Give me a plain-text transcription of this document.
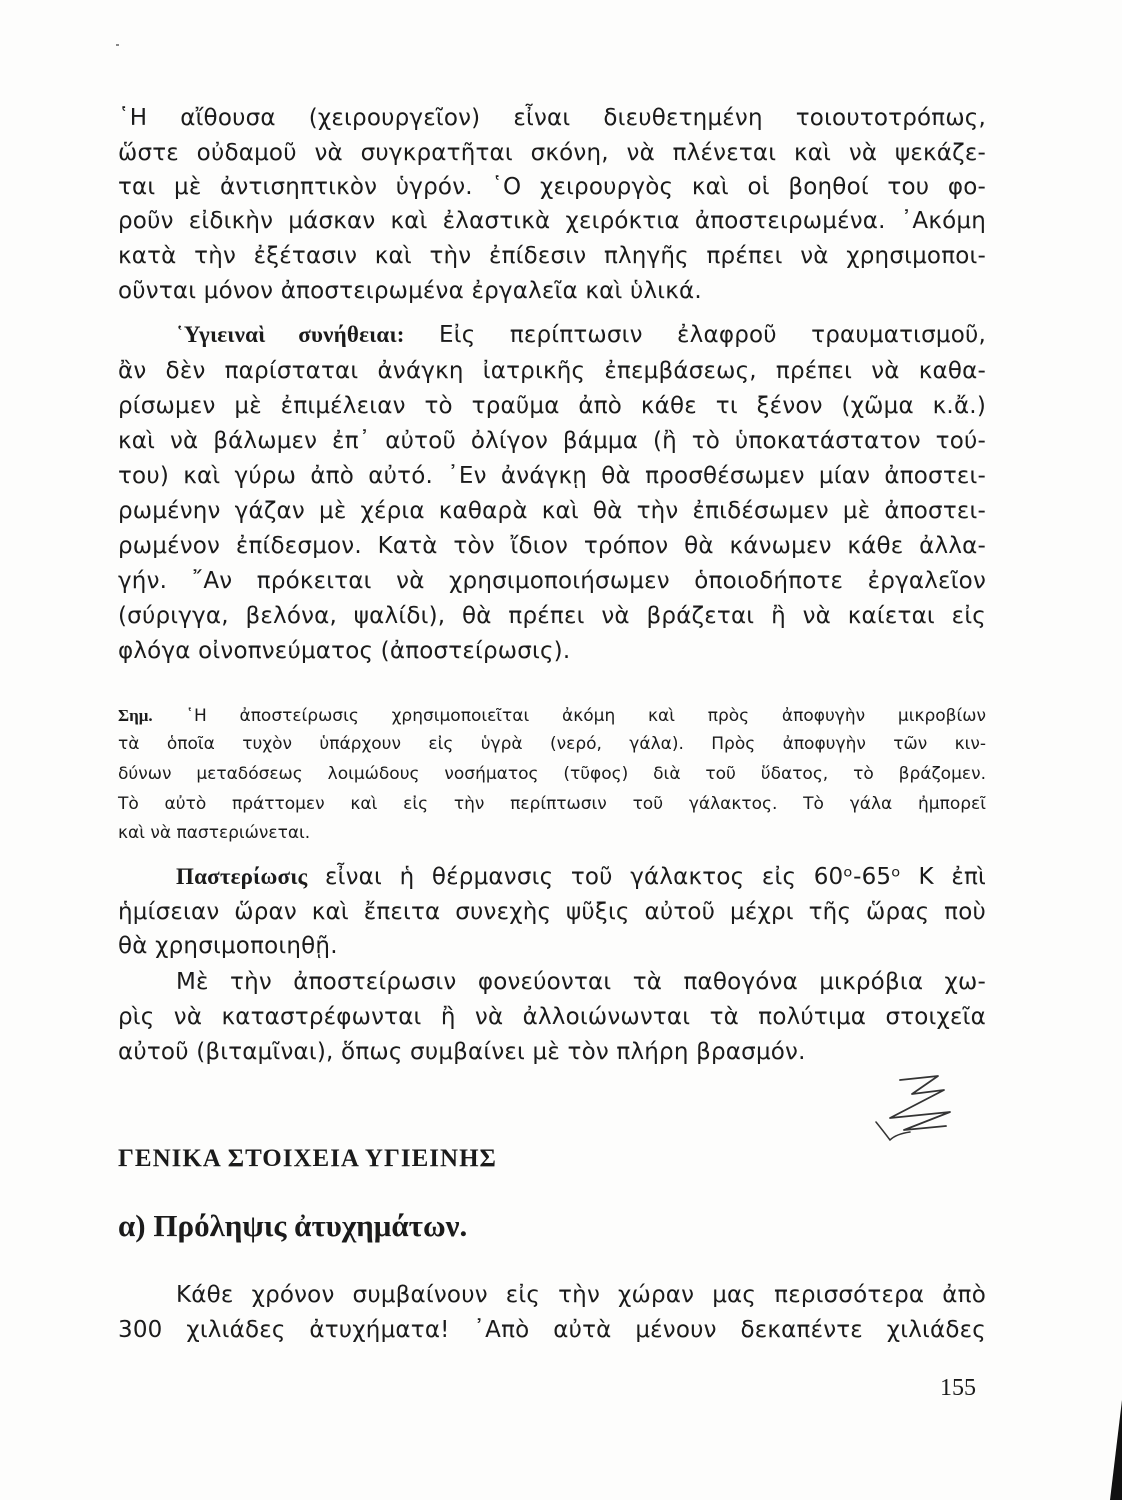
῾Η αἴθουσα (χειρουργεῖον) εἶναι διευθετημένη τοιουτοτρόπως,
ὥστε οὐδαμοῦ νὰ συγκρατῆται σκόνη, νὰ πλένεται καὶ νὰ ψεκάζε-
ται μὲ ἀντισηπτικὸν ὑγρόν. ῾Ο χειρουργὸς καὶ οἱ βοηθοί του φο-
ροῦν εἰδικὴν μάσκαν καὶ ἐλαστικὰ χειρόκτια ἀποστειρωμένα. ᾿Ακόμη
κατὰ τὴν ἐξέτασιν καὶ τὴν ἐπίδεσιν πληγῆς πρέπει νὰ χρησιμοποι-
οῦνται μόνον ἀποστειρωμένα ἐργαλεῖα καὶ ὑλικά.
῾Υγιειναὶ συνήθειαι: Εἰς περίπτωσιν ἐλαφροῦ τραυματισμοῦ,
ἂν δὲν παρίσταται ἀνάγκη ἰατρικῆς ἐπεμβάσεως, πρέπει νὰ καθα-
ρίσωμεν μὲ ἐπιμέλειαν τὸ τραῦμα ἀπὸ κάθε τι ξένον (χῶμα κ.ἄ.)
καὶ νὰ βάλωμεν ἐπ᾿ αὐτοῦ ὀλίγον βάμμα (ἢ τὸ ὑποκατάστατον τού-
του) καὶ γύρω ἀπὸ αὐτό. ᾿Εν ἀνάγκῃ θὰ προσθέσωμεν μίαν ἀποστει-
ρωμένην γάζαν μὲ χέρια καθαρὰ καὶ θὰ τὴν ἐπιδέσωμεν μὲ ἀποστει-
ρωμένον ἐπίδεσμον. Κατὰ τὸν ἴδιον τρόπον θὰ κάνωμεν κάθε ἀλλα-
γήν. ῎Αν πρόκειται νὰ χρησιμοποιήσωμεν ὁποιοδήποτε ἐργαλεῖον
(σύριγγα, βελόνα, ψαλίδι), θὰ πρέπει νὰ βράζεται ἢ νὰ καίεται εἰς
φλόγα οἰνοπνεύματος (ἀποστείρωσις).
Σημ. ῾Η ἀποστείρωσις χρησιμοποιεῖται ἀκόμη καὶ πρὸς ἀποφυγὴν μικροβίων
τὰ ὁποῖα τυχὸν ὑπάρχουν εἰς ὑγρὰ (νερό, γάλα). Πρὸς ἀποφυγὴν τῶν κιν-
δύνων μεταδόσεως λοιμώδους νοσήματος (τῦφος) διὰ τοῦ ὕδατος, τὸ βράζομεν.
Τὸ αὐτὸ πράττομεν καὶ εἰς τὴν περίπτωσιν τοῦ γάλακτος. Τὸ γάλα ἠμπορεῖ
καὶ νὰ παστεριώνεται.
Παστερίωσις εἶναι ἡ θέρμανσις τοῦ γάλακτος εἰς 60ᵒ-65ᵒ Κ ἐπὶ
ἡμίσειαν ὥραν καὶ ἔπειτα συνεχὴς ψῦξις αὐτοῦ μέχρι τῆς ὥρας ποὺ
θὰ χρησιμοποιηθῇ.
Μὲ τὴν ἀποστείρωσιν φονεύονται τὰ παθογόνα μικρόβια χω-
ρὶς νὰ καταστρέφωνται ἢ νὰ ἀλλοιώνωνται τὰ πολύτιμα στοιχεῖα
αὐτοῦ (βιταμῖναι), ὅπως συμβαίνει μὲ τὸν πλήρη βρασμόν.
ΓΕΝΙΚΑ ΣΤΟΙΧΕΙΑ ΥΓΙΕΙΝΗΣ
α) Πρόληψις ἀτυχημάτων.
Κάθε χρόνον συμβαίνουν εἰς τὴν χώραν μας περισσότερα ἀπὸ
300 χιλιάδες ἀτυχήματα! ᾿Απὸ αὐτὰ μένουν δεκαπέντε χιλιάδες
155
